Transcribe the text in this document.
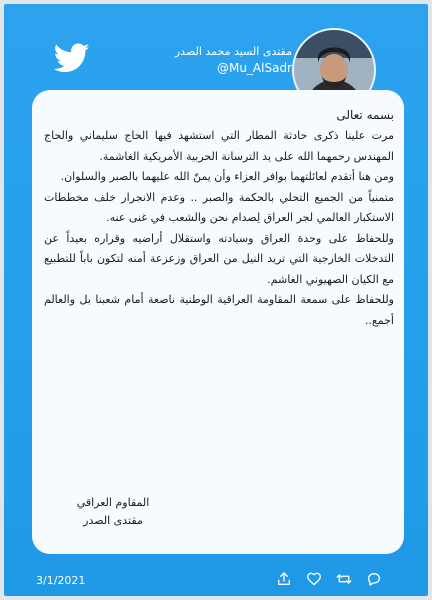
مقتدى السيد محمد الصدر
@Mu_AlSadr

بسمه تعالى

مرت علينا ذكرى حادثة المطار التي استشهد فيها الحاج سليماني والحاج المهندس رحمهما الله على يد الترسانة الحربية الأمريكية الغاشمة.

ومن هنا أتقدم لعائلتهما بوافر العزاء وأن يمنّ الله عليهما بالصبر والسلوان.

متمنياً من الجميع التحلي بالحكمة والصبر .. وعدم الانجرار خلف مخططات الاستكبار العالمي لجر العراق لِصدام نحن والشعب في غنى عنه.

وللحفاظ على وحدة العراق وسيادته واستقلال أراضيه وقراره بعيداً عن التدخلات الخارجية التي تريد النيل من العراق وزعزعة أمنه لتكون باباً للتطبيع مع الكيان الصهيوني الغاشم.

وللحفاظ على سمعة المقاومة العراقية الوطنية ناصعة أمام شعبنا بل والعالم أجمع..

المقاوم العراقي
مقتدى الصدر
3/1/2021
